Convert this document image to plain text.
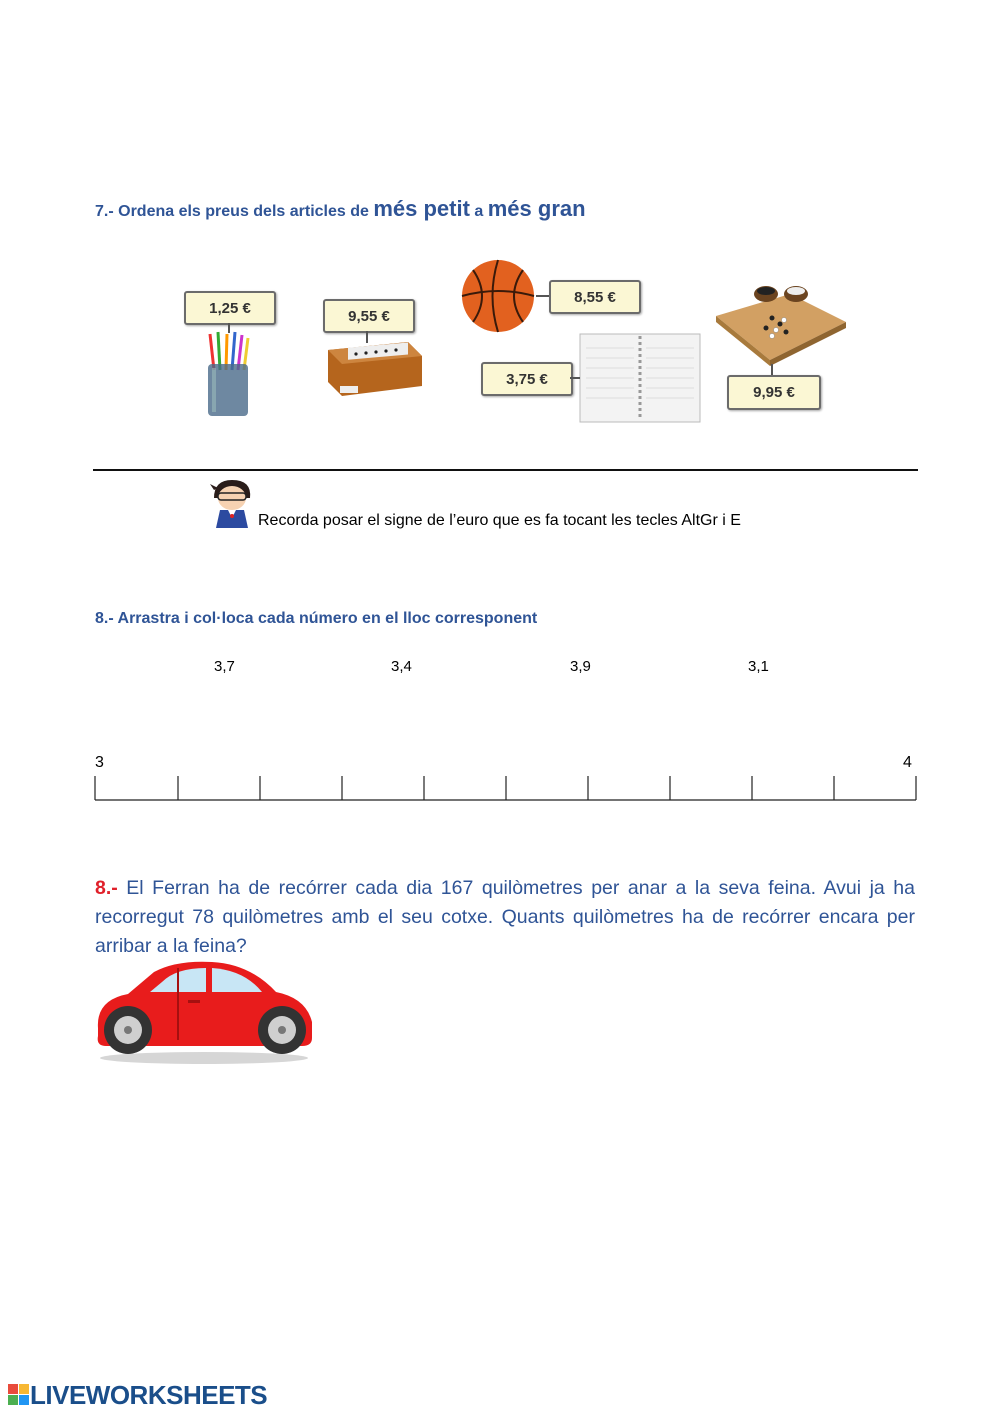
7.- Ordena els preus dels articles de més petit a més gran
1,25 €	9,55 €
8,55 €
3,75 €
9,95 €
Recorda posar el signe de l’euro que es fa tocant les tecles AltGr i E
8.- Arrastra i col·loca cada número en el lloc corresponent
3,7	3,4	3,9	3,1
3	4
8.- El Ferran ha de recórrer cada dia 167 quilòmetres per anar a la seva feina. Avui ja ha recorregut 78 quilòmetres amb el seu cotxe. Quants quilòmetres ha de recórrer encara per arribar a la feina?
LIVEWORKSHEETS
